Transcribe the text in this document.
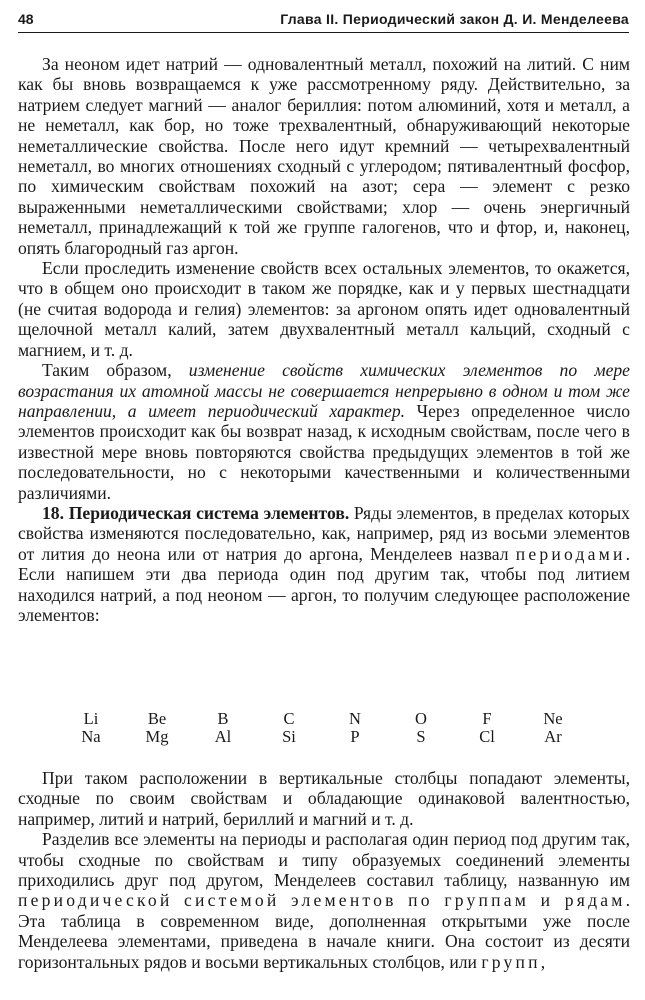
48	Глава II. Периодический закон Д. И. Менделеева

За неоном идет натрий — одновалентный металл, похожий на литий. С ним как бы вновь возвращаемся к уже рассмотренному ряду. Действительно, за натрием следует магний — аналог бериллия: потом алюминий, хотя и металл, а не неметалл, как бор, но тоже трехвалентный, обнаруживающий некоторые неметаллические свойства. После него идут кремний — четырехвалентный неметалл, во многих отношениях сходный с углеродом; пятивалентный фосфор, по химическим свойствам похожий на азот; сера — элемент с резко выраженными неметаллическими свойствами; хлор — очень энергичный неметалл, принадлежащий к той же группе галогенов, что и фтор, и, наконец, опять благородный газ аргон.

Если проследить изменение свойств всех остальных элементов, то окажется, что в общем оно происходит в таком же порядке, как и у первых шестнадцати (не считая водорода и гелия) элементов: за аргоном опять идет одновалентный щелочной металл калий, затем двухвалентный металл кальций, сходный с магнием, и т. д.

Таким образом, изменение свойств химических элементов по мере возрастания их атомной массы не совершается непрерывно в одном и том же направлении, а имеет периодический характер. Через определенное число элементов происходит как бы возврат назад, к исходным свойствам, после чего в известной мере вновь повторяются свойства предыдущих элементов в той же последовательности, но с некоторыми качественными и количественными различиями.

18. Периодическая система элементов. Ряды элементов, в пределах которых свойства изменяются последовательно, как, например, ряд из восьми элементов от лития до неона или от натрия до аргона, Менделеев назвал периодами. Если напишем эти два периода один под другим так, чтобы под литием находился натрий, а под неоном — аргон, то получим следующее расположение элементов:

Li	Be	B	C	N	O	F	Ne
Na	Mg	Al	Si	P	S	Cl	Ar

При таком расположении в вертикальные столбцы попадают элементы, сходные по своим свойствам и обладающие одинаковой валентностью, например, литий и натрий, бериллий и магний и т. д.

Разделив все элементы на периоды и располагая один период под другим так, чтобы сходные по свойствам и типу образуемых соединений элементы приходились друг под другом, Менделеев составил таблицу, названную им периодической системой элементов по группам и рядам. Эта таблица в современном виде, дополненная открытыми уже после Менделеева элементами, приведена в начале книги. Она состоит из десяти горизонтальных рядов и восьми вертикальных столбцов, или групп,
